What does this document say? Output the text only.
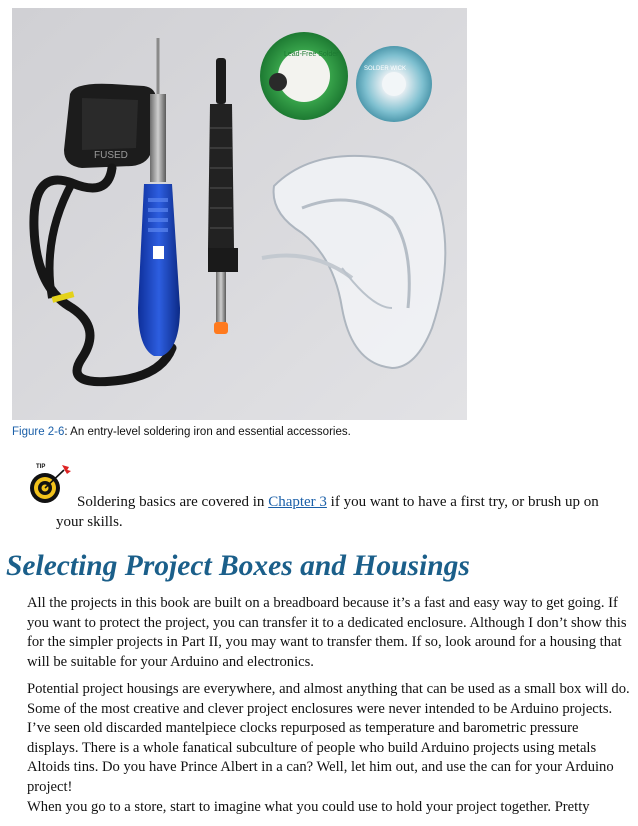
FUSED
Lead-Free Solder
SOLDER WICK
Figure 2-6: An entry-level soldering iron and essential accessories.
TIP

Soldering basics are covered in Chapter 3 if you want to have a first try, or brush up on your skills.

Selecting Project Boxes and Housings

All the projects in this book are built on a breadboard because it’s a fast and easy way to get going. If you want to protect the project, you can transfer it to a dedicated enclosure. Although I don’t show this for the simpler projects in Part II, you may want to transfer them. If so, look around for a housing that will be suitable for your Arduino and electronics.

Potential project housings are everywhere, and almost anything that can be used as a small box will do. Some of the most creative and clever project enclosures were never intended to be Arduino projects. I’ve seen old discarded mantelpiece clocks repurposed as temperature and barometric pressure displays. There is a whole fanatical subculture of people who build Arduino projects using metals Altoids tins. Do you have Prince Albert in a can? Well, let him out, and use the can for your Arduino project!

When you go to a store, start to imagine what you could use to hold your project together. Pretty
